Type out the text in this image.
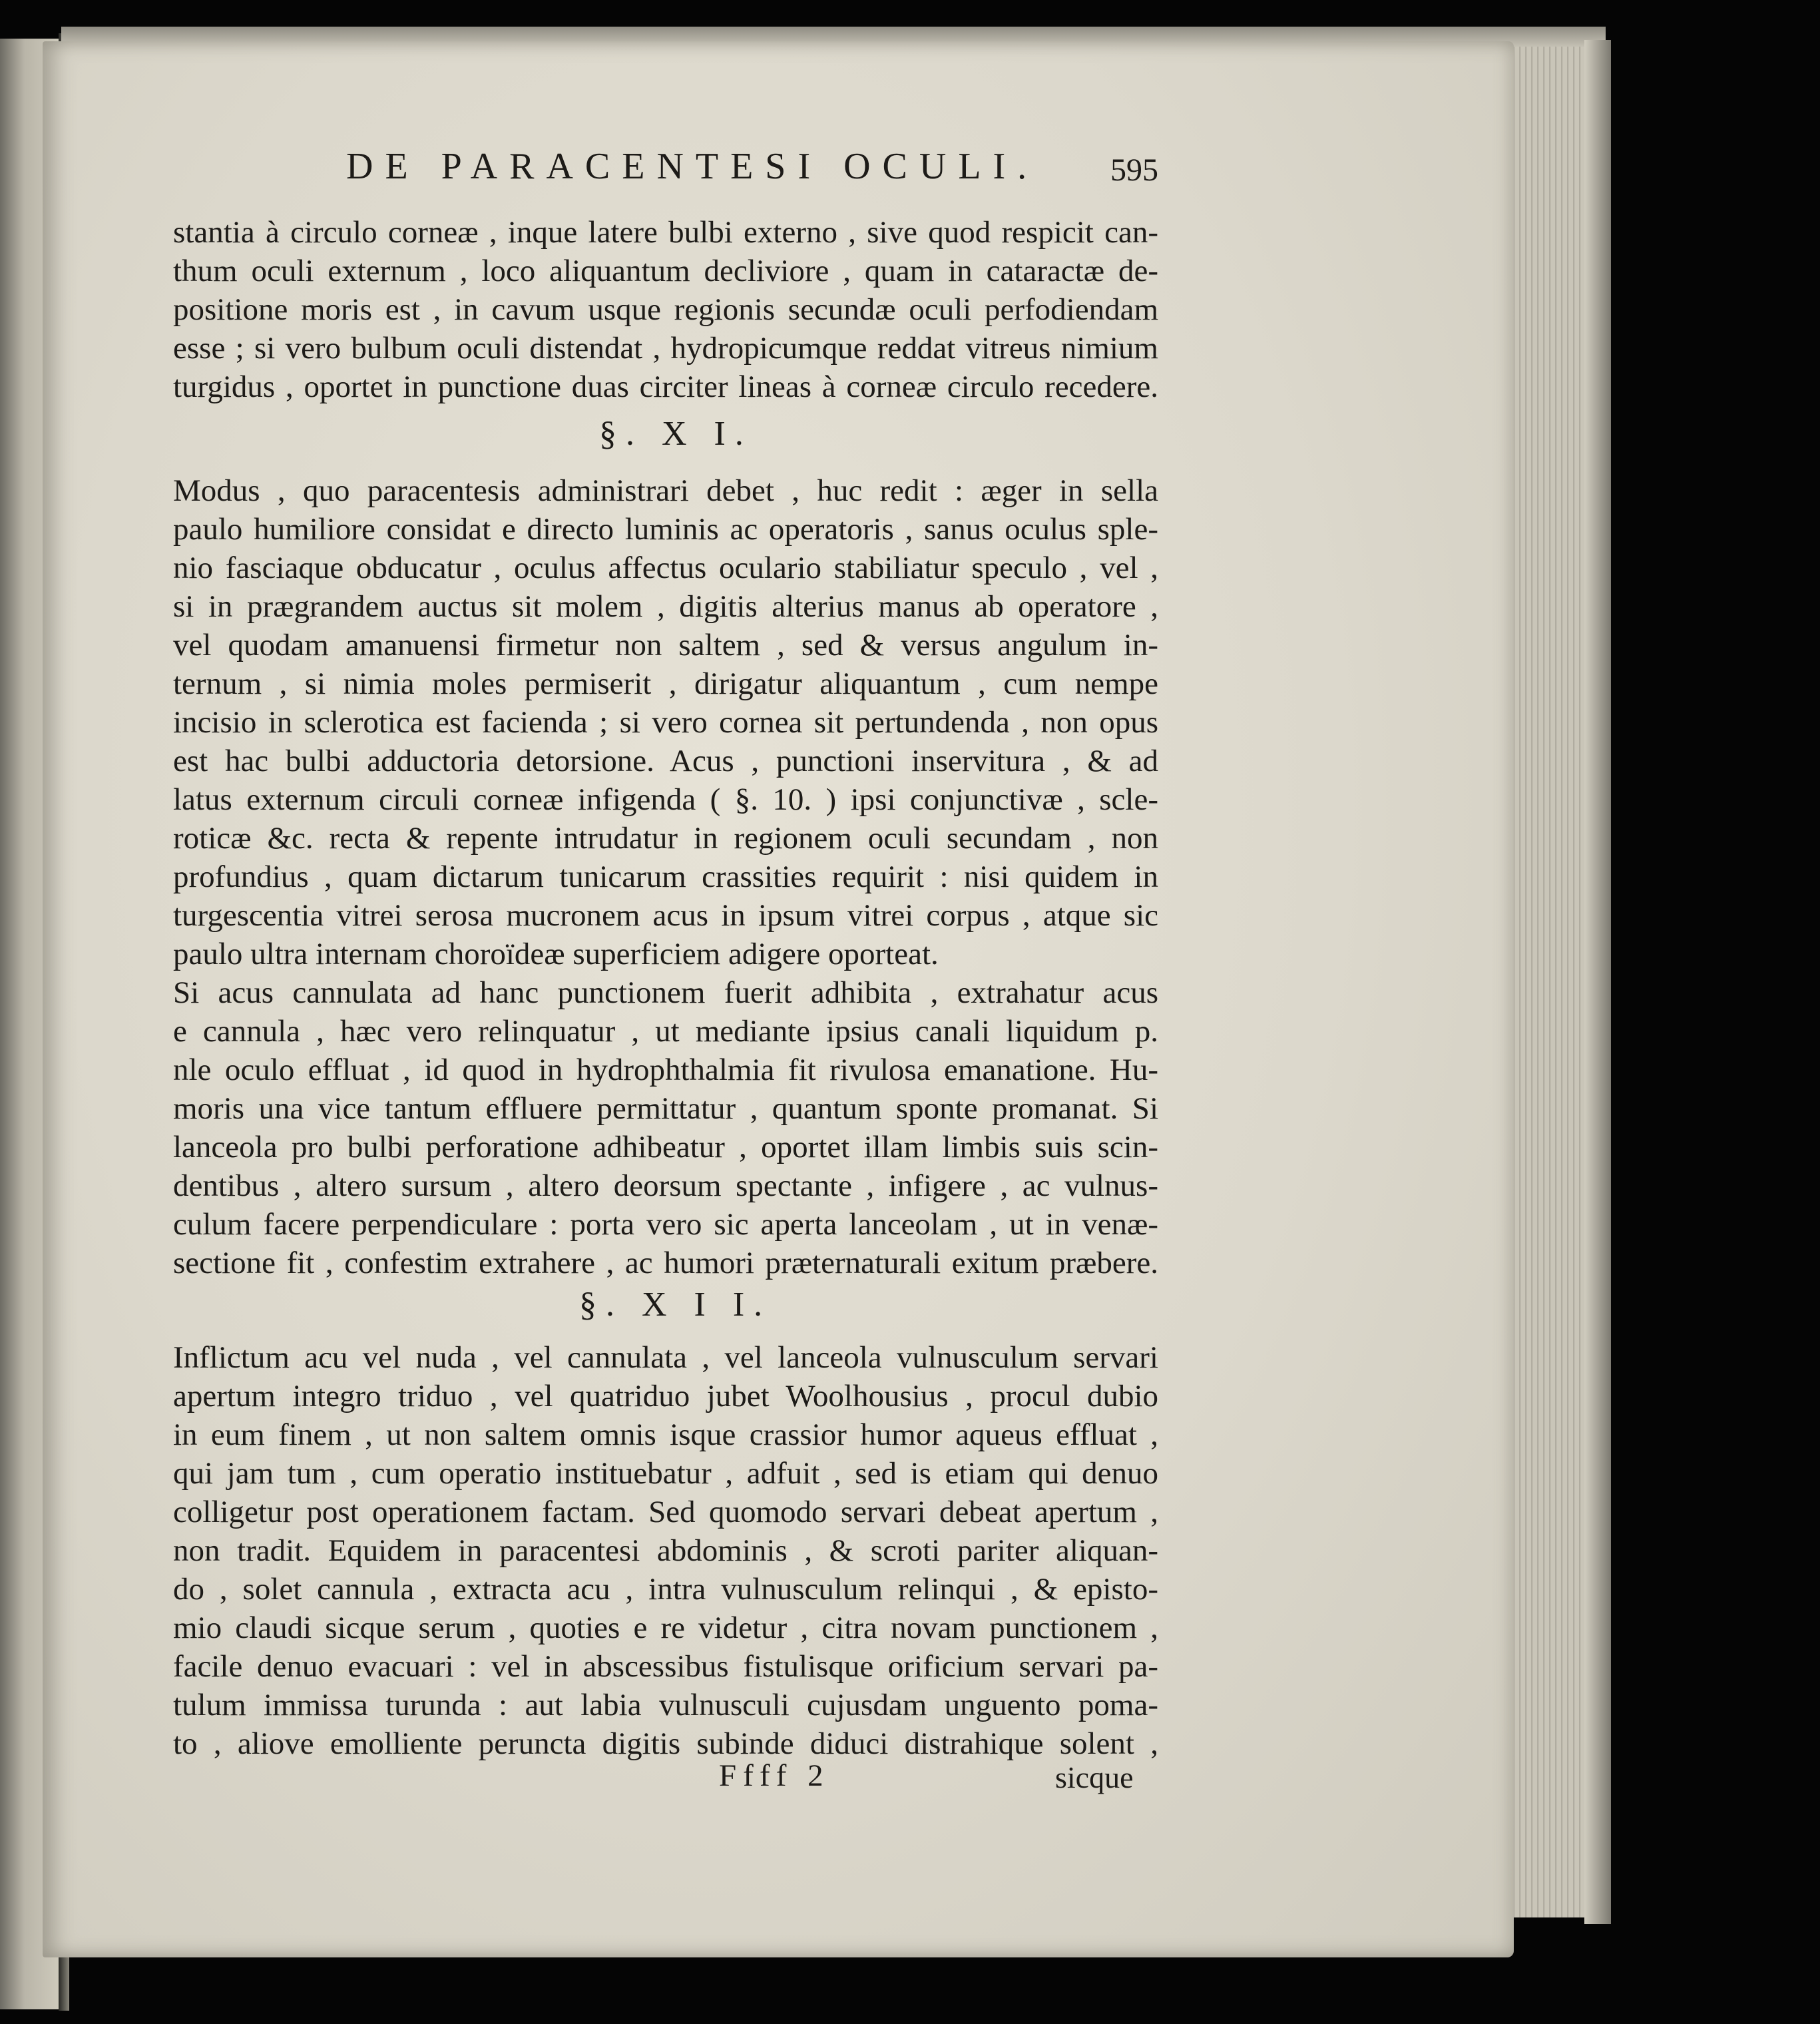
DE PARACENTESI OCULI. 595
stantia à circulo corneæ , inque latere bulbi externo , sive quod respicit can-
thum oculi externum , loco aliquantum decliviore , quam in cataractæ de-
positione moris est , in cavum usque regionis secundæ oculi perfodiendam
esse ; si vero bulbum oculi distendat , hydropicumque reddat vitreus nimium
turgidus , oportet in punctione duas circiter lineas à corneæ circulo recedere.
§. X I.
Modus , quo paracentesis administrari debet , huc redit : æger in sella
paulo humiliore considat e directo luminis ac operatoris , sanus oculus sple-
nio fasciaque obducatur , oculus affectus oculario stabiliatur speculo , vel ,
si in prægrandem auctus sit molem , digitis alterius manus ab operatore ,
vel quodam amanuensi firmetur non saltem , sed & versus angulum in-
ternum , si nimia moles permiserit , dirigatur aliquantum , cum nempe
incisio in sclerotica est facienda ; si vero cornea sit pertundenda , non opus
est hac bulbi adductoria detorsione. Acus , punctioni inservitura , & ad
latus externum circuli corneæ infigenda ( §. 10. ) ipsi conjunctivæ , scle-
roticæ &c. recta & repente intrudatur in regionem oculi secundam , non
profundius , quam dictarum tunicarum crassities requirit : nisi quidem in
turgescentia vitrei serosa mucronem acus in ipsum vitrei corpus , atque sic
paulo ultra internam choroïdeæ superficiem adigere oporteat.
Si acus cannulata ad hanc punctionem fuerit adhibita , extrahatur acus
e cannula , hæc vero relinquatur , ut mediante ipsius canali liquidum p.
nle oculo effluat , id quod in hydrophthalmia fit rivulosa emanatione. Hu-
moris una vice tantum effluere permittatur , quantum sponte promanat. Si
lanceola pro bulbi perforatione adhibeatur , oportet illam limbis suis scin-
dentibus , altero sursum , altero deorsum spectante , infigere , ac vulnus-
culum facere perpendiculare : porta vero sic aperta lanceolam , ut in venæ-
sectione fit , confestim extrahere , ac humori præternaturali exitum præbere.
§. X I I.
Inflictum acu vel nuda , vel cannulata , vel lanceola vulnusculum servari
apertum integro triduo , vel quatriduo jubet Woolhousius , procul dubio
in eum finem , ut non saltem omnis isque crassior humor aqueus effluat ,
qui jam tum , cum operatio instituebatur , adfuit , sed is etiam qui denuo
colligetur post operationem factam. Sed quomodo servari debeat apertum ,
non tradit. Equidem in paracentesi abdominis , & scroti pariter aliquan-
do , solet cannula , extracta acu , intra vulnusculum relinqui , & episto-
mio claudi sicque serum , quoties e re videtur , citra novam punctionem ,
facile denuo evacuari : vel in abscessibus fistulisque orificium servari pa-
tulum immissa turunda : aut labia vulnusculi cujusdam unguento poma-
to , aliove emolliente peruncta digitis subinde diduci distrahique solent ,
Ffff 2	sicque
